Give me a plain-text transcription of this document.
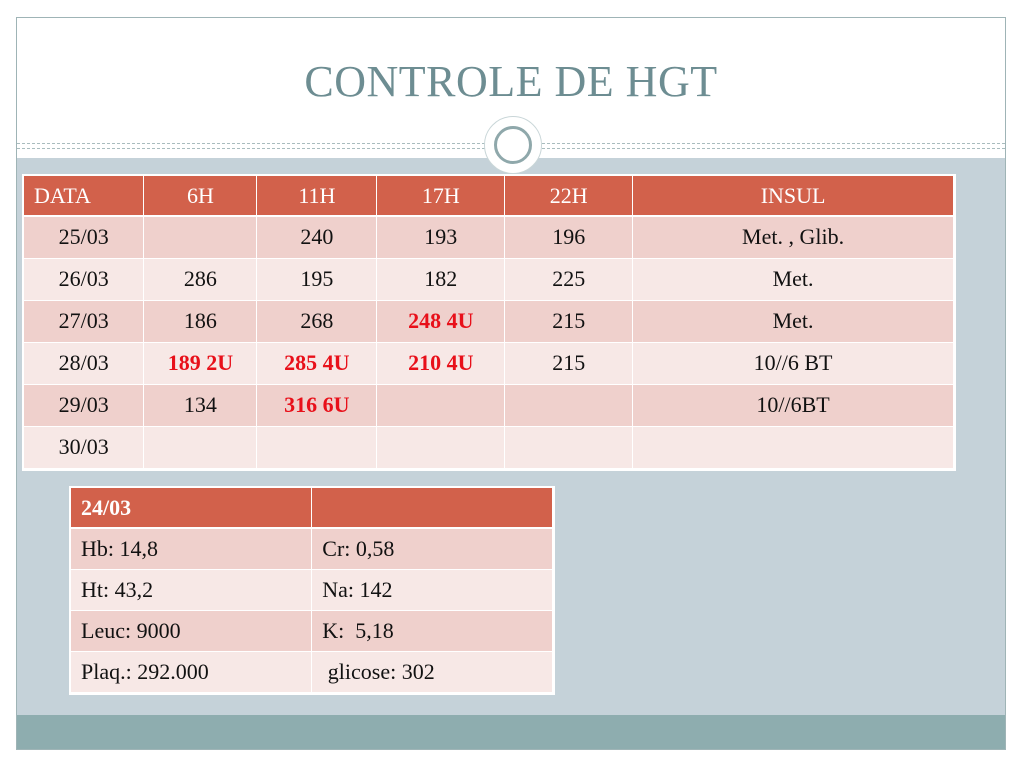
CONTROLE DE HGT
DATA	6H	11H	17H	22H	INSUL
25/03		240	193	196	Met. , Glib.
26/03	286	195	182	225	Met.
27/03	186	268	248 4U	215	Met.
28/03	189 2U	285 4U	210 4U	215	10//6 BT
29/03	134	316 6U			10//6BT
30/03					
24/03	
Hb: 14,8	Cr: 0,58
Ht: 43,2	Na: 142
Leuc: 9000	K:  5,18
Plaq.: 292.000	glicose: 302
